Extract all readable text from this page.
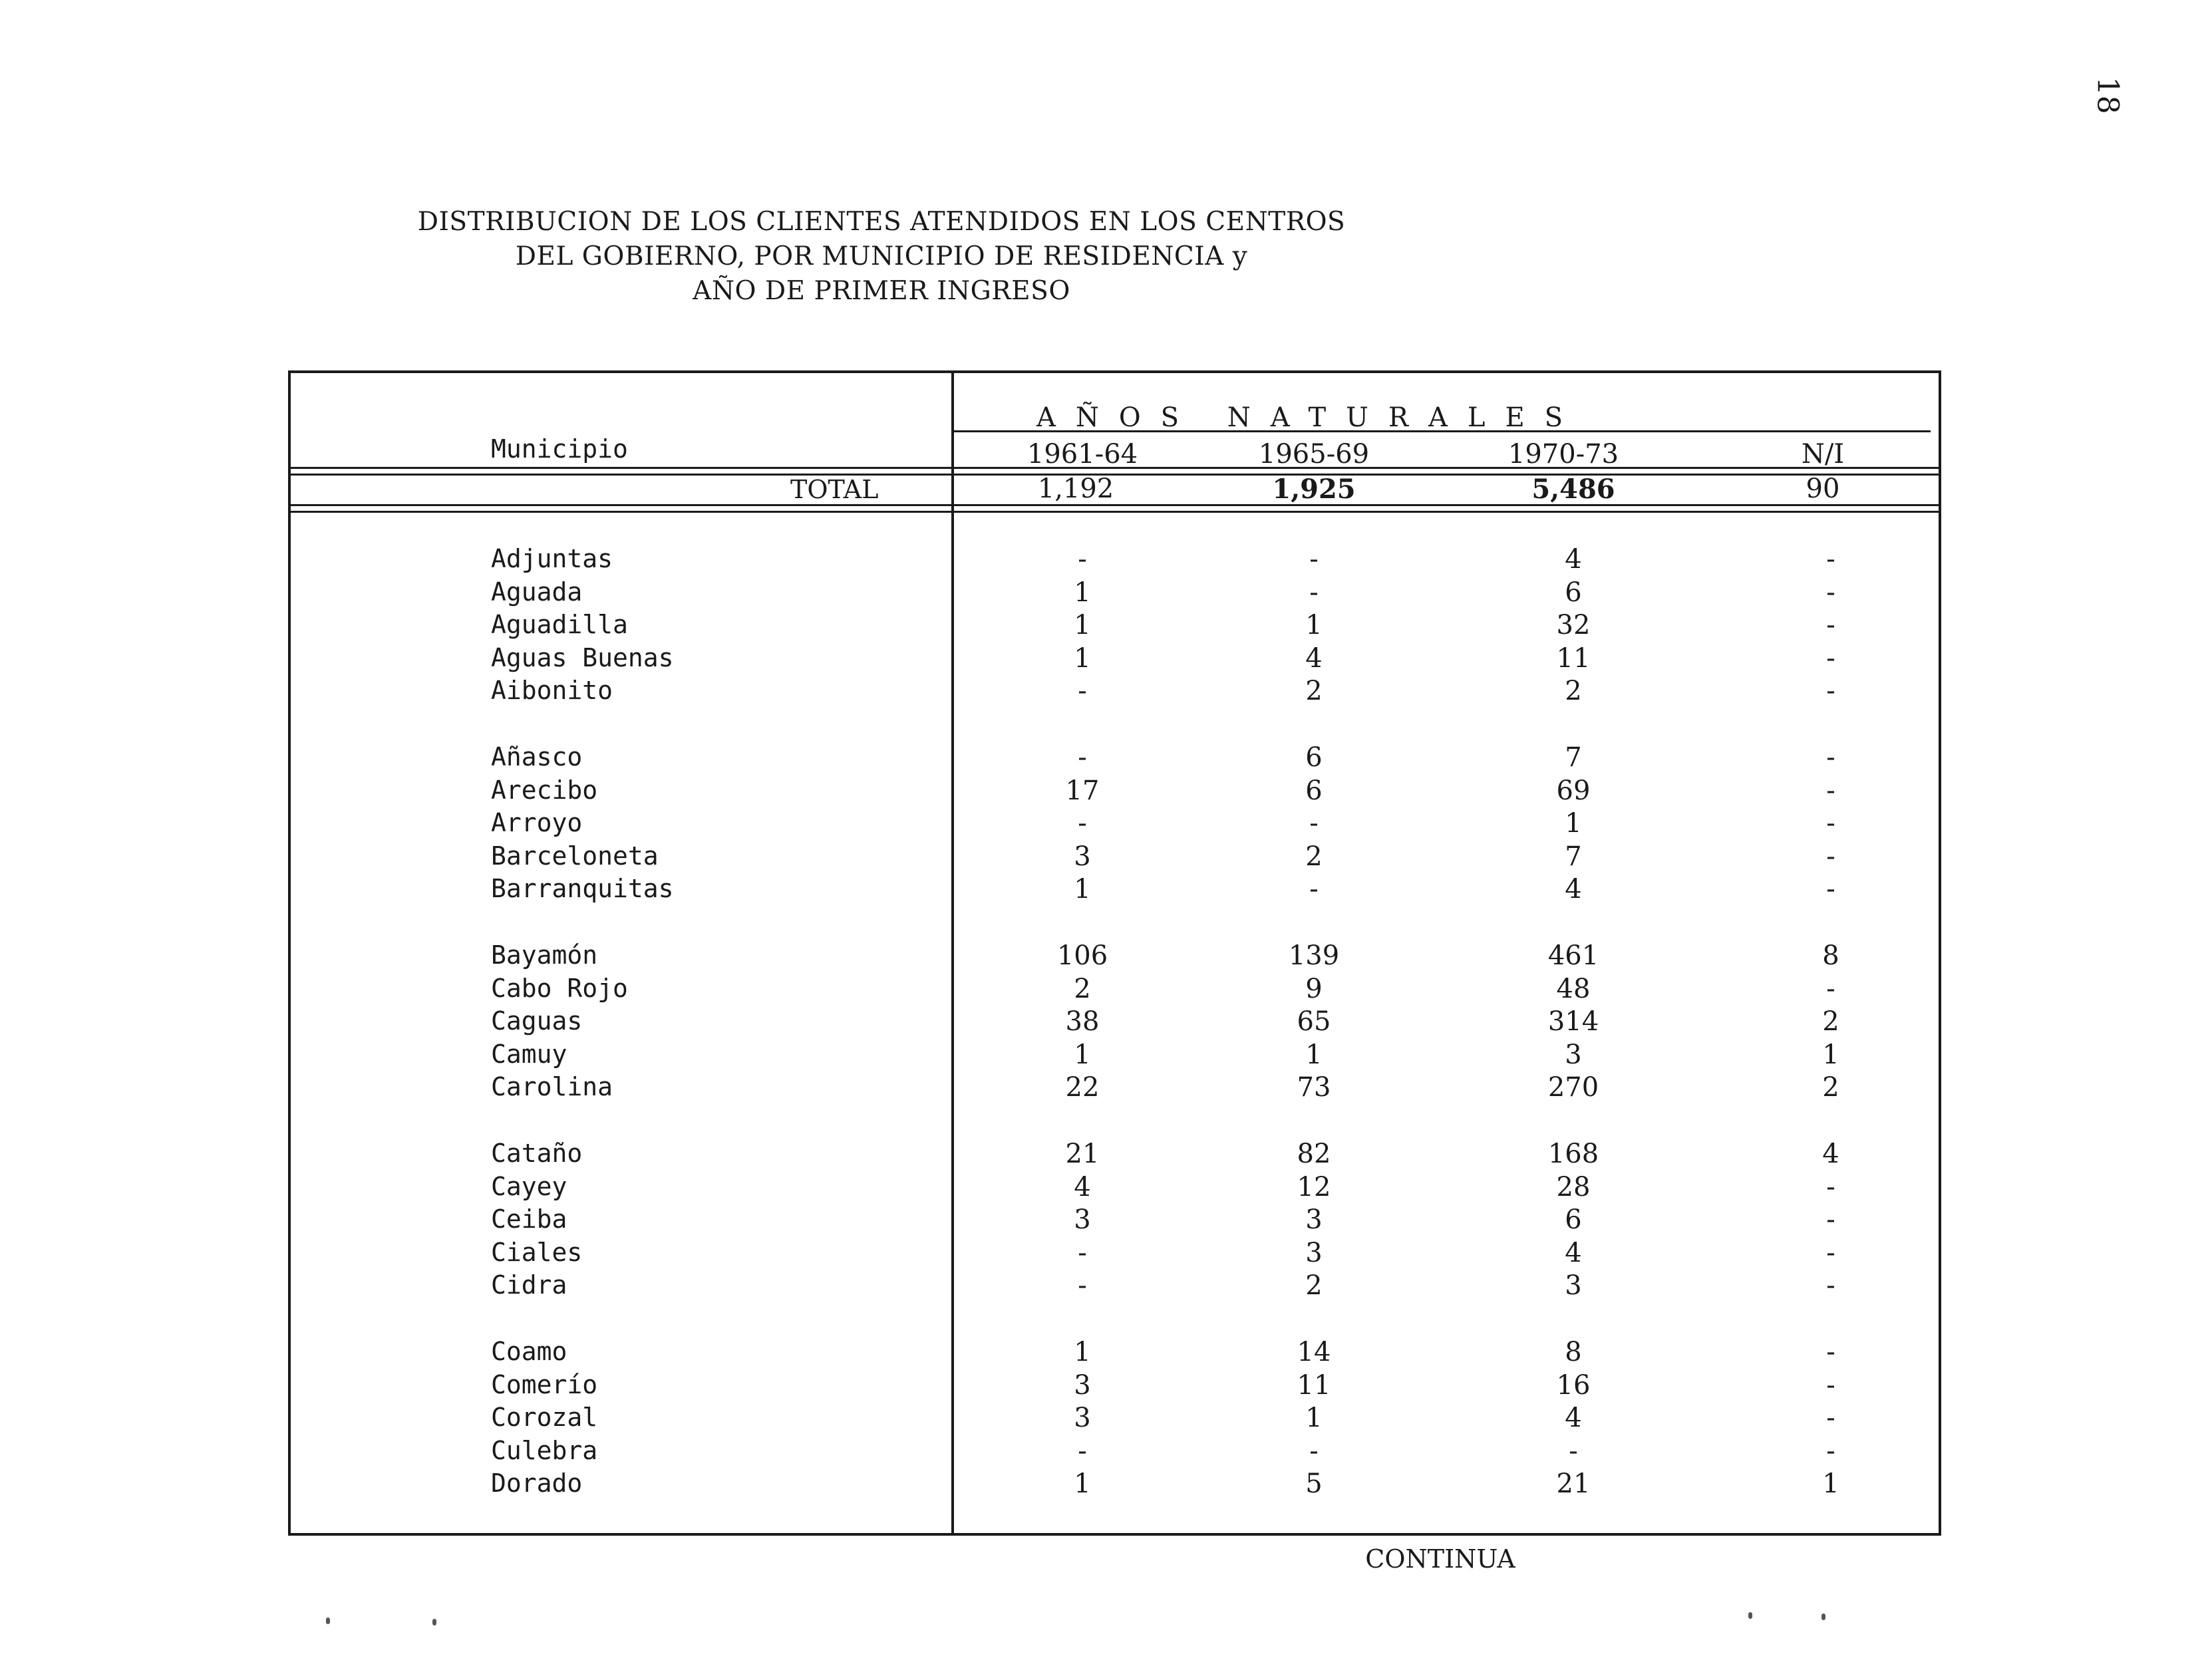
18
DISTRIBUCION DE LOS CLIENTES ATENDIDOS EN LOS CENTROS
DEL GOBIERNO, POR MUNICIPIO DE RESIDENCIA y
AÑO DE PRIMER INGRESO
AÑOS NATURALES
Municipio	1961-64	1965-69	1970-73	N/I
TOTAL	1,192	1,925	5,486	90
Adjuntas	-	-	4	-
Aguada	1	-	6	-
Aguadilla	1	1	32	-
Aguas Buenas	1	4	11	-
Aibonito	-	2	2	-
Añasco	-	6	7	-
Arecibo	17	6	69	-
Arroyo	-	-	1	-
Barceloneta	3	2	7	-
Barranquitas	1	-	4	-
Bayamón	106	139	461	8
Cabo Rojo	2	9	48	-
Caguas	38	65	314	2
Camuy	1	1	3	1
Carolina	22	73	270	2
Cataño	21	82	168	4
Cayey	4	12	28	-
Ceiba	3	3	6	-
Ciales	-	3	4	-
Cidra	-	2	3	-
Coamo	1	14	8	-
Comerío	3	11	16	-
Corozal	3	1	4	-
Culebra	-	-	-	-
Dorado	1	5	21	1
CONTINUA
